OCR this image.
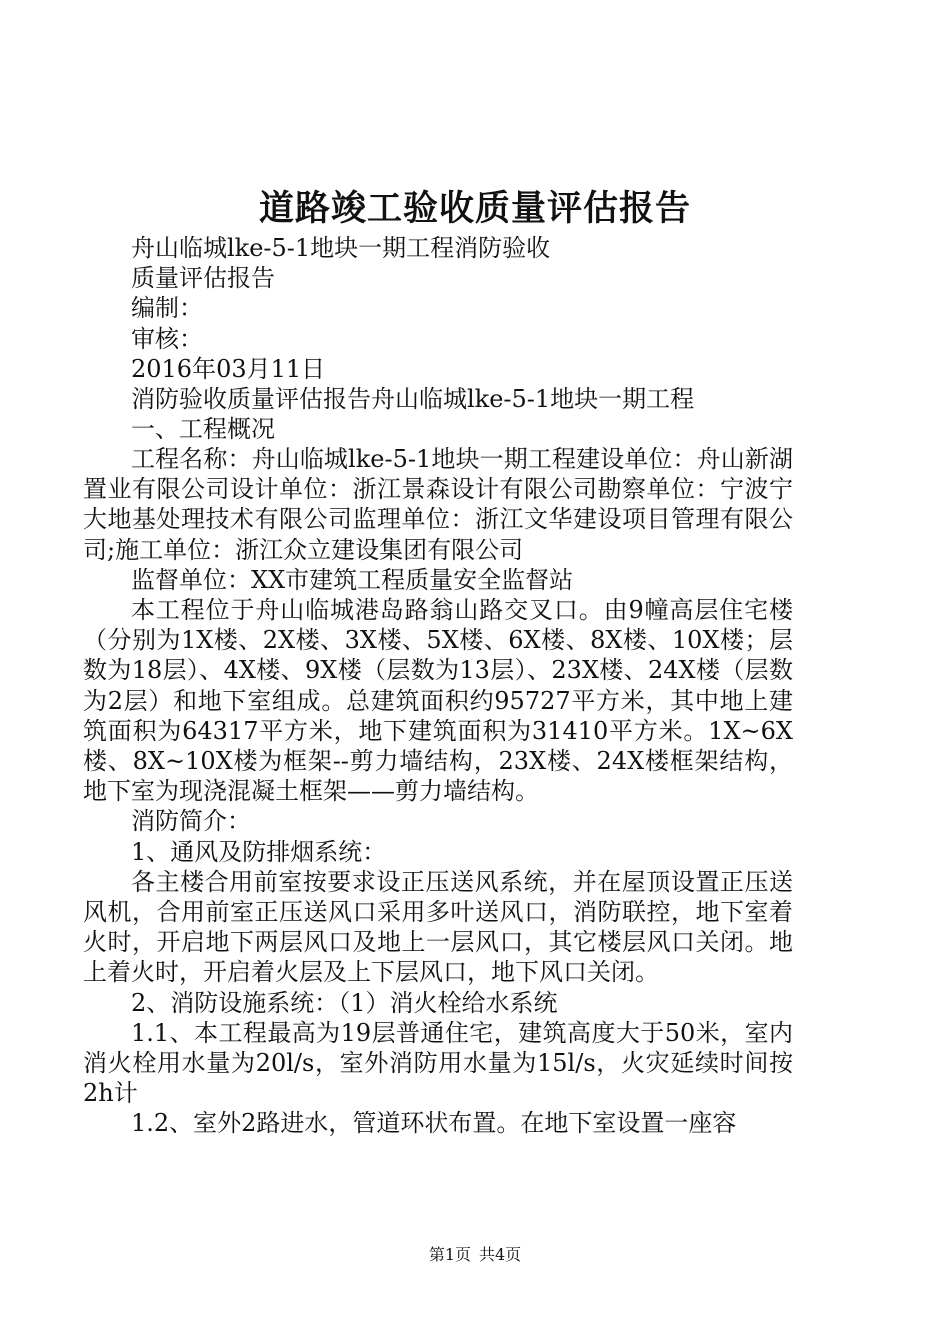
道路竣工验收质量评估报告

舟山临城lke-5-1地块一期工程消防验收

质量评估报告

编制：

审核：

2016年03月11日

消防验收质量评估报告舟山临城lke-5-1地块一期工程

一、工程概况

工程名称：舟山临城lke-5-1地块一期工程建设单位：舟山新湖置业有限公司设计单位：浙江景森设计有限公司勘察单位：宁波宁大地基处理技术有限公司监理单位：浙江文华建设项目管理有限公司;施工单位：浙江众立建设集团有限公司

监督单位：XX市建筑工程质量安全监督站

本工程位于舟山临城港岛路翁山路交叉口。由9幢高层住宅楼（分别为1X楼、2X楼、3X楼、5X楼、6X楼、8X楼、10X楼；层数为18层）、4X楼、9X楼（层数为13层）、23X楼、24X楼（层数为2层）和地下室组成。总建筑面积约95727平方米，其中地上建筑面积为64317平方米，地下建筑面积为31410平方米。1X~6X楼、8X~10X楼为框架--剪力墙结构，23X楼、24X楼框架结构，地下室为现浇混凝土框架——剪力墙结构。

消防简介：

1、通风及防排烟系统：

各主楼合用前室按要求设正压送风系统，并在屋顶设置正压送风机，合用前室正压送风口采用多叶送风口，消防联控，地下室着火时，开启地下两层风口及地上一层风口，其它楼层风口关闭。地上着火时，开启着火层及上下层风口，地下风口关闭。

2、消防设施系统：（1）消火栓给水系统

1.1、本工程最高为19层普通住宅，建筑高度大于50米，室内消火栓用水量为20l/s，室外消防用水量为15l/s，火灾延续时间按2h计

1.2、室外2路进水，管道环状布置。在地下室设置一座容

第1页 共4页
